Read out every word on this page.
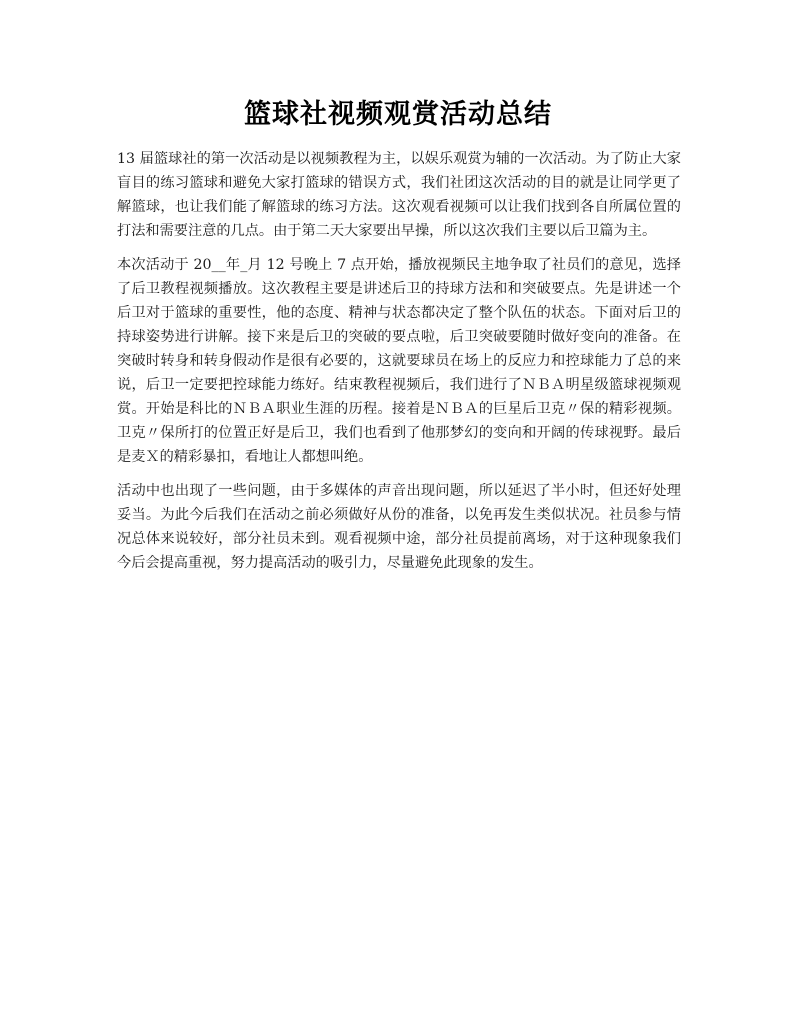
篮球社视频观赏活动总结

13 届篮球社的第一次活动是以视频教程为主，以娱乐观赏为辅的一次活动。为了防止大家盲目的练习篮球和避免大家打篮球的错误方式，我们社团这次活动的目的就是让同学更了解篮球，也让我们能了解篮球的练习方法。这次观看视频可以让我们找到各自所属位置的打法和需要注意的几点。由于第二天大家要出早操，所以这次我们主要以后卫篇为主。

本次活动于 20__年_月 12 号晚上 7 点开始，播放视频民主地争取了社员们的意见，选择了后卫教程视频播放。这次教程主要是讲述后卫的持球方法和和突破要点。先是讲述一个后卫对于篮球的重要性，他的态度、精神与状态都决定了整个队伍的状态。下面对后卫的持球姿势进行讲解。接下来是后卫的突破的要点啦，后卫突破要随时做好变向的准备。在突破时转身和转身假动作是很有必要的，这就要球员在场上的反应力和控球能力了总的来说，后卫一定要把控球能力练好。结束教程视频后，我们进行了ＮＢＡ明星级篮球视频观赏。开始是科比的ＮＢＡ职业生涯的历程。接着是ＮＢＡ的巨星后卫克〃保的精彩视频。卫克〃保所打的位置正好是后卫，我们也看到了他那梦幻的变向和开阔的传球视野。最后是麦Ｘ的精彩暴扣，看地让人都想叫绝。

活动中也出现了一些问题，由于多媒体的声音出现问题，所以延迟了半小时，但还好处理妥当。为此今后我们在活动之前必须做好从份的准备，以免再发生类似状况。社员参与情况总体来说较好，部分社员未到。观看视频中途，部分社员提前离场，对于这种现象我们今后会提高重视，努力提高活动的吸引力，尽量避免此现象的发生。
